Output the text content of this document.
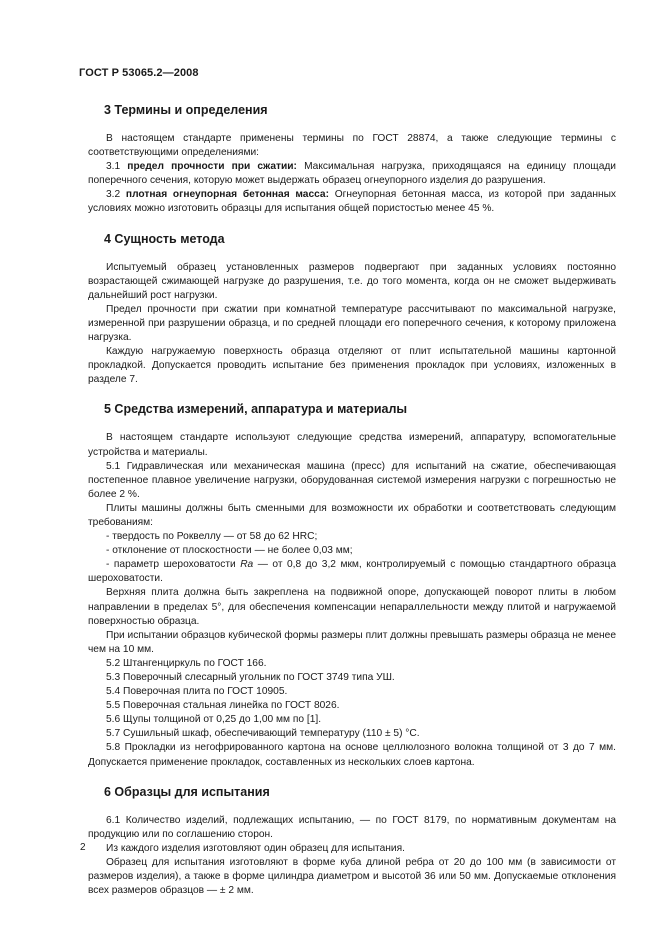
ГОСТ Р 53065.2—2008
3 Термины и определения

В настоящем стандарте применены термины по ГОСТ 28874, а также следующие термины с соответствующими определениями:

3.1 предел прочности при сжатии: Максимальная нагрузка, приходящаяся на единицу площади поперечного сечения, которую может выдержать образец огнеупорного изделия до разрушения.

3.2 плотная огнеупорная бетонная масса: Огнеупорная бетонная масса, из которой при заданных условиях можно изготовить образцы для испытания общей пористостью менее 45 %.

4 Сущность метода

Испытуемый образец установленных размеров подвергают при заданных условиях постоянно возрастающей сжимающей нагрузке до разрушения, т.е. до того момента, когда он не сможет выдерживать дальнейший рост нагрузки.

Предел прочности при сжатии при комнатной температуре рассчитывают по максимальной нагрузке, измеренной при разрушении образца, и по средней площади его поперечного сечения, к которому приложена нагрузка.

Каждую нагружаемую поверхность образца отделяют от плит испытательной машины картонной прокладкой. Допускается проводить испытание без применения прокладок при условиях, изложенных в разделе 7.

5 Средства измерений, аппаратура и материалы

В настоящем стандарте используют следующие средства измерений, аппаратуру, вспомогательные устройства и материалы.

5.1 Гидравлическая или механическая машина (пресс) для испытаний на сжатие, обеспечивающая постепенное плавное увеличение нагрузки, оборудованная системой измерения нагрузки с погрешностью не более 2 %.

Плиты машины должны быть сменными для возможности их обработки и соответствовать следующим требованиям:

- твердость по Роквеллу — от 58 до 62 HRC;

- отклонение от плоскостности — не более 0,03 мм;

- параметр шероховатости Ra — от 0,8 до 3,2 мкм, контролируемый с помощью стандартного образца шероховатости.

Верхняя плита должна быть закреплена на подвижной опоре, допускающей поворот плиты в любом направлении в пределах 5°, для обеспечения компенсации непараллельности между плитой и нагружаемой поверхностью образца.

При испытании образцов кубической формы размеры плит должны превышать размеры образца не менее чем на 10 мм.

5.2 Штангенциркуль по ГОСТ 166.

5.3 Поверочный слесарный угольник по ГОСТ 3749 типа УШ.

5.4 Поверочная плита по ГОСТ 10905.

5.5 Поверочная стальная линейка по ГОСТ 8026.

5.6 Щупы толщиной от 0,25 до 1,00 мм по [1].

5.7 Сушильный шкаф, обеспечивающий температуру (110 ± 5) °С.

5.8 Прокладки из негофрированного картона на основе целлюлозного волокна толщиной от 3 до 7 мм. Допускается применение прокладок, составленных из нескольких слоев картона.

6 Образцы для испытания

6.1 Количество изделий, подлежащих испытанию, — по ГОСТ 8179, по нормативным документам на продукцию или по соглашению сторон.

Из каждого изделия изготовляют один образец для испытания.

Образец для испытания изготовляют в форме куба длиной ребра от 20 до 100 мм (в зависимости от размеров изделия), а также в форме цилиндра диаметром и высотой 36 или 50 мм. Допускаемые отклонения всех размеров образцов — ± 2 мм.

2
